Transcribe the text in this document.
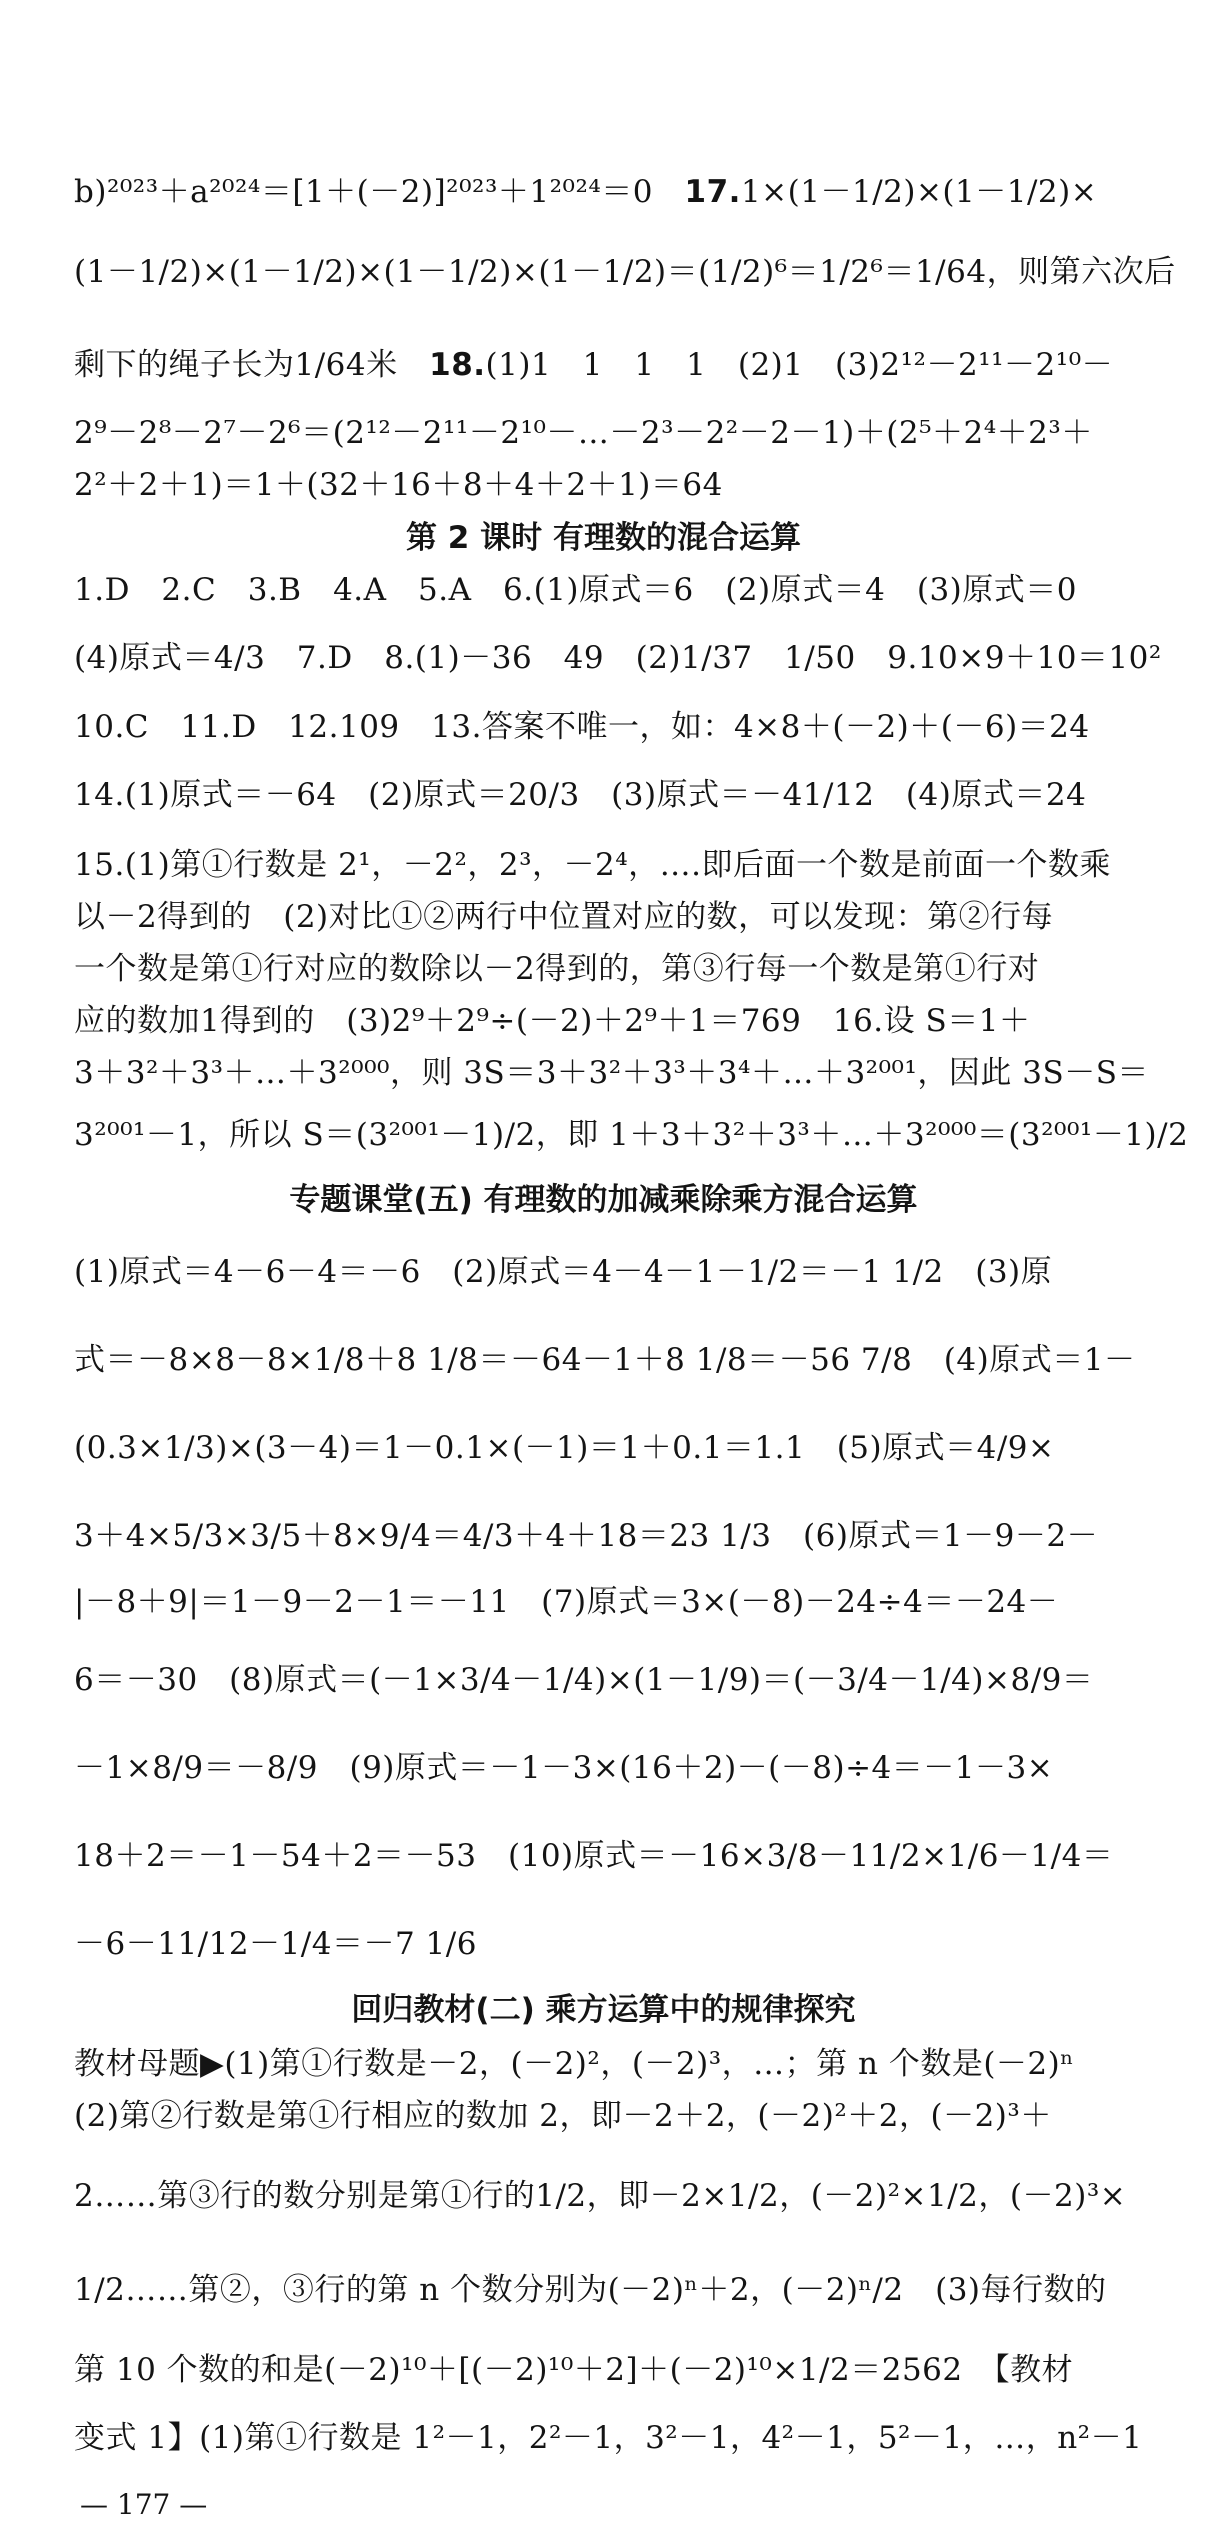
b)²⁰²³＋a²⁰²⁴＝[1＋(－2)]²⁰²³＋1²⁰²⁴＝0　 17.1×(1－1/2)×(1－1/2)×
(1－1/2)×(1－1/2)×(1－1/2)×(1－1/2)＝(1/2)⁶＝1/2⁶＝1/64，则第六次后
剩下的绳子长为1/64米　 18.(1)1　1　1　1　(2)1　(3)2¹²－2¹¹－2¹⁰－
2⁹－2⁸－2⁷－2⁶＝(2¹²－2¹¹－2¹⁰－…－2³－2²－2－1)＋(2⁵＋2⁴＋2³＋
2²＋2＋1)＝1＋(32＋16＋8＋4＋2＋1)＝64
第 2 课时 有理数的混合运算
1.D　2.C　3.B　4.A　5.A　6.(1)原式＝6　(2)原式＝4　(3)原式＝0
(4)原式＝4/3　7.D　8.(1)－36　49　(2)1/37　1/50　9.10×9＋10＝10²
10.C　11.D　12.109　13.答案不唯一，如：4×8＋(－2)＋(－6)＝24
14.(1)原式＝－64　(2)原式＝20/3　(3)原式＝－41/12　(4)原式＝24
15.(1)第①行数是 2¹，－2²，2³，－2⁴，….即后面一个数是前面一个数乘
以－2得到的　(2)对比①②两行中位置对应的数，可以发现：第②行每
一个数是第①行对应的数除以－2得到的，第③行每一个数是第①行对
应的数加1得到的　(3)2⁹＋2⁹÷(－2)＋2⁹＋1＝769　16.设 S＝1＋
3＋3²＋3³＋…＋3²⁰⁰⁰，则 3S＝3＋3²＋3³＋3⁴＋…＋3²⁰⁰¹，因此 3S－S＝
3²⁰⁰¹－1，所以 S＝(3²⁰⁰¹－1)/2，即 1＋3＋3²＋3³＋…＋3²⁰⁰⁰＝(3²⁰⁰¹－1)/2
专题课堂(五) 有理数的加减乘除乘方混合运算
(1)原式＝4－6－4＝－6　(2)原式＝4－4－1－1/2＝－1 1/2　(3)原
式＝－8×8－8×1/8＋8 1/8＝－64－1＋8 1/8＝－56 7/8　(4)原式＝1－
(0.3×1/3)×(3－4)＝1－0.1×(－1)＝1＋0.1＝1.1　(5)原式＝4/9×
3＋4×5/3×3/5＋8×9/4＝4/3＋4＋18＝23 1/3　(6)原式＝1－9－2－
|－8＋9|＝1－9－2－1＝－11　(7)原式＝3×(－8)－24÷4＝－24－
6＝－30　(8)原式＝(－1×3/4－1/4)×(1－1/9)＝(－3/4－1/4)×8/9＝
－1×8/9＝－8/9　(9)原式＝－1－3×(16＋2)－(－8)÷4＝－1－3×
18＋2＝－1－54＋2＝－53　(10)原式＝－16×3/8－11/2×1/6－1/4＝
－6－11/12－1/4＝－7 1/6
回归教材(二) 乘方运算中的规律探究
教材母题▶(1)第①行数是－2，(－2)²，(－2)³，…；第 n 个数是(－2)ⁿ
(2)第②行数是第①行相应的数加 2，即－2＋2，(－2)²＋2，(－2)³＋
2……第③行的数分别是第①行的1/2，即－2×1/2，(－2)²×1/2，(－2)³×
1/2……第②，③行的第 n 个数分别为(－2)ⁿ＋2，(－2)ⁿ/2　(3)每行数的
第 10 个数的和是(－2)¹⁰＋[(－2)¹⁰＋2]＋(－2)¹⁰×1/2＝2562　【教材
变式 1】(1)第①行数是 1²－1，2²－1，3²－1，4²－1，5²－1，…，n²－1
— 177 —
